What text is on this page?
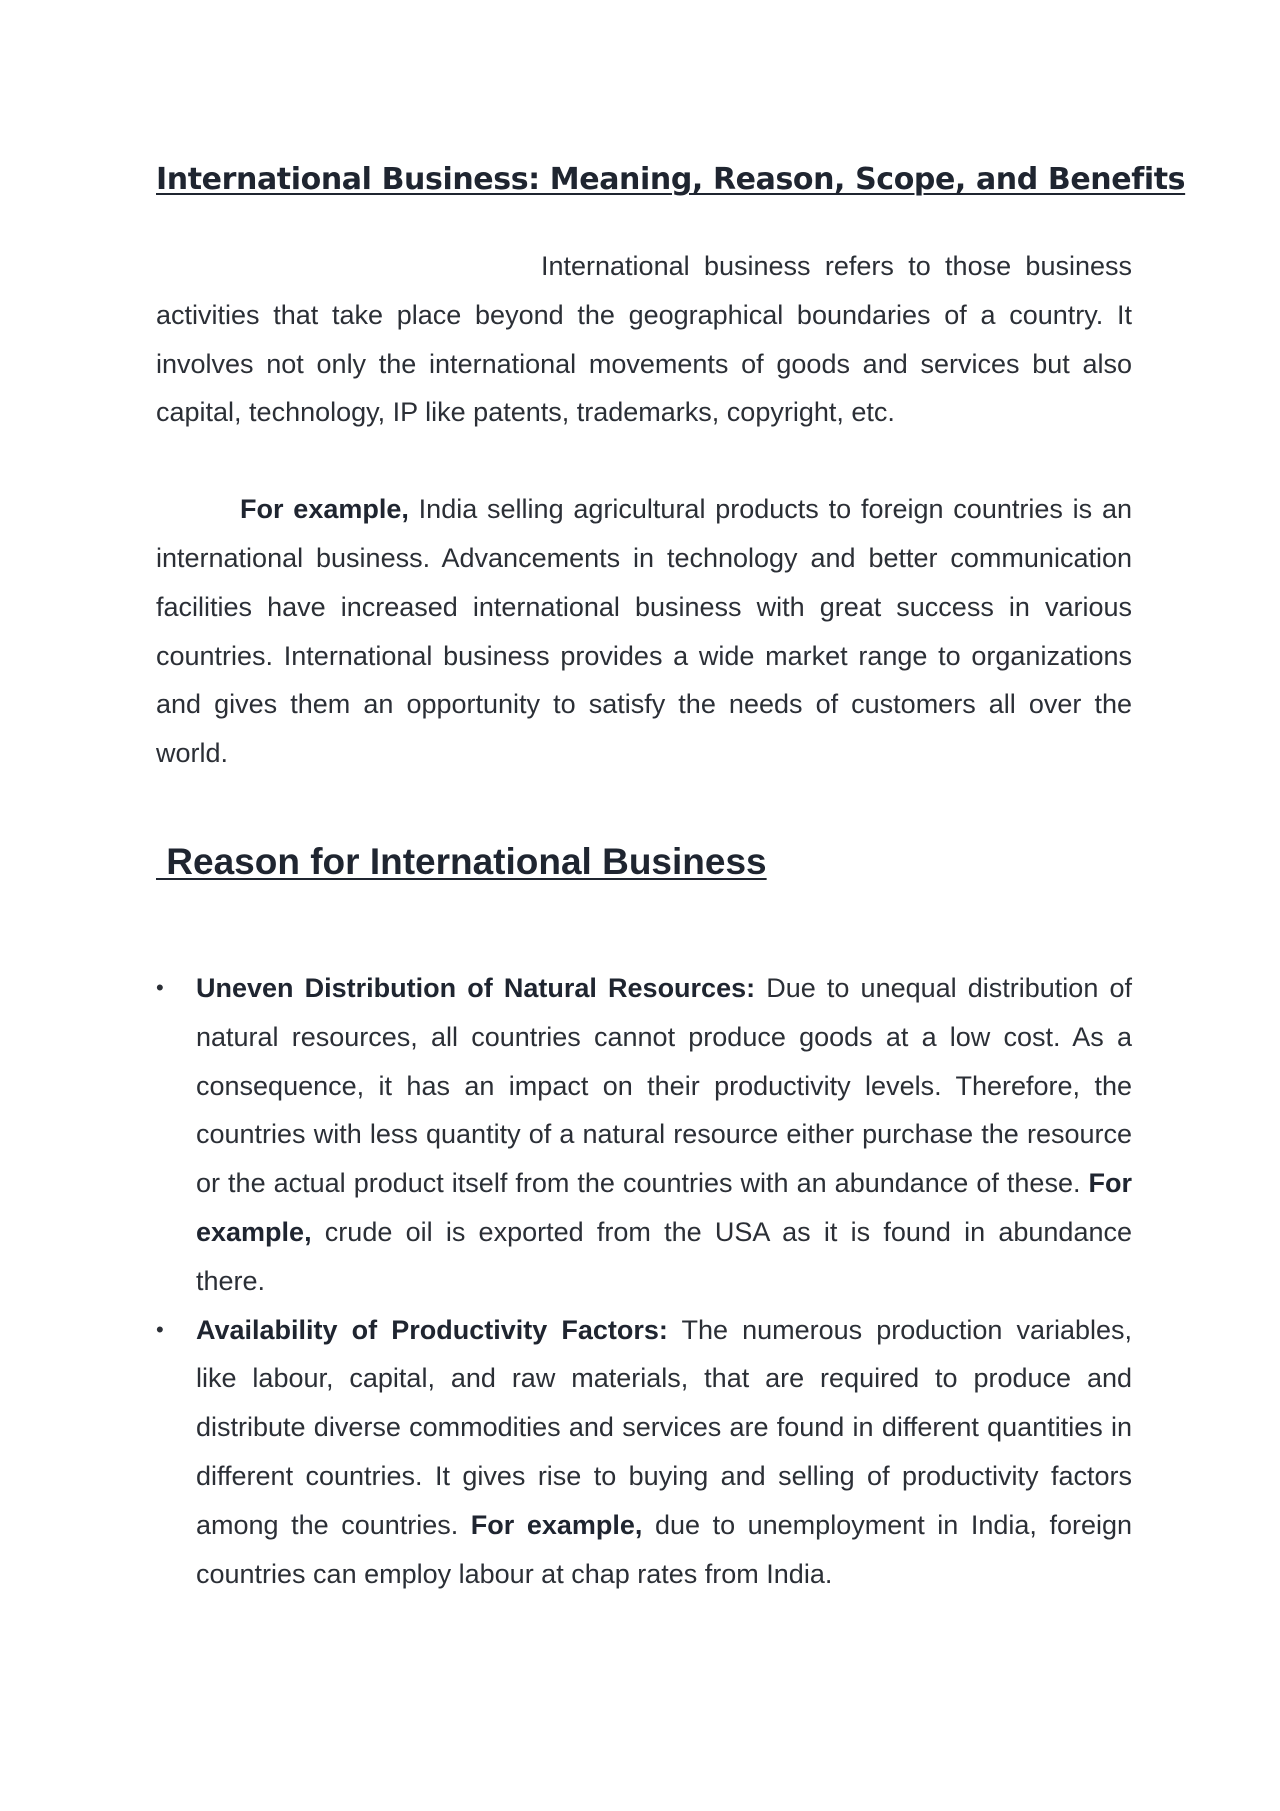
International Business: Meaning, Reason, Scope, and Benefits

International business refers to those business activities that take place beyond the geographical boundaries of a country. It involves not only the international movements of goods and services but also capital, technology, IP like patents, trademarks, copyright, etc.

For example, India selling agricultural products to foreign countries is an international business. Advancements in technology and better communication facilities have increased international business with great success in various countries. International business provides a wide market range to organizations and gives them an opportunity to satisfy the needs of customers all over the world.

Reason for International Business
• Uneven Distribution of Natural Resources: Due to unequal distribution of natural resources, all countries cannot produce goods at a low cost. As a consequence, it has an impact on their productivity levels. Therefore, the countries with less quantity of a natural resource either purchase the resource or the actual product itself from the countries with an abundance of these. For example, crude oil is exported from the USA as it is found in abundance there.
• Availability of Productivity Factors: The numerous production variables, like labour, capital, and raw materials, that are required to produce and distribute diverse commodities and services are found in different quantities in different countries. It gives rise to buying and selling of productivity factors among the countries. For example, due to unemployment in India, foreign countries can employ labour at chap rates from India.
